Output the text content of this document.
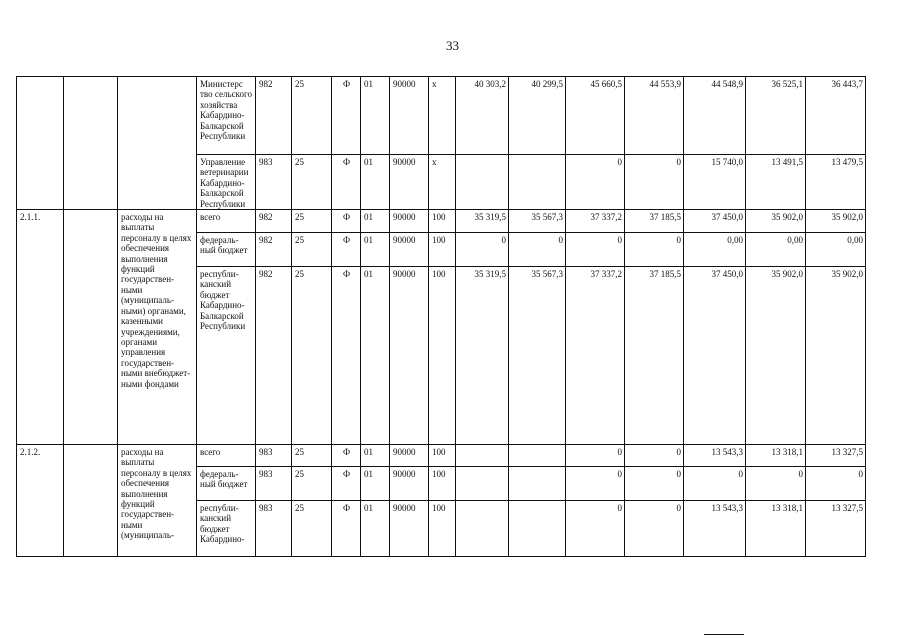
33
			Министерс тво сельского хозяйства Кабардино-Балкарской Республики	982	25	Ф	01	90000	х	40 303,2	40 299,5	45 660,5	44 553,9	44 548,9	36 525,1	36 443,7
			Управление ветеринарии Кабардино-Балкарской Республики	983	25	Ф	01	90000	х			0	0	15 740,0	13 491,5	13 479,5
2.1.1.		расходы на выплаты персоналу в целях обеспечения выполнения функций государствен-ными (муниципаль-ными) органами, казенными учреждениями, органами управления государствен-ными внебюджет-ными фондами	всего	982	25	Ф	01	90000	100	35 319,5	35 567,3	37 337,2	37 185,5	37 450,0	35 902,0	35 902,0
			федераль-ный бюджет	982	25	Ф	01	90000	100	0	0	0	0	0,00	0,00	0,00
			республи-канский бюджет Кабардино-Балкарской Республики	982	25	Ф	01	90000	100	35 319,5	35 567,3	37 337,2	37 185,5	37 450,0	35 902,0	35 902,0
2.1.2.		расходы на выплаты персоналу в целях обеспечения выполнения функций государствен-ными (муниципаль-	всего	983	25	Ф	01	90000	100			0	0	13 543,3	13 318,1	13 327,5
			федераль-ный бюджет	983	25	Ф	01	90000	100			0	0	0	0	0
			республи-канский бюджет Кабардино-	983	25	Ф	01	90000	100			0	0	13 543,3	13 318,1	13 327,5
